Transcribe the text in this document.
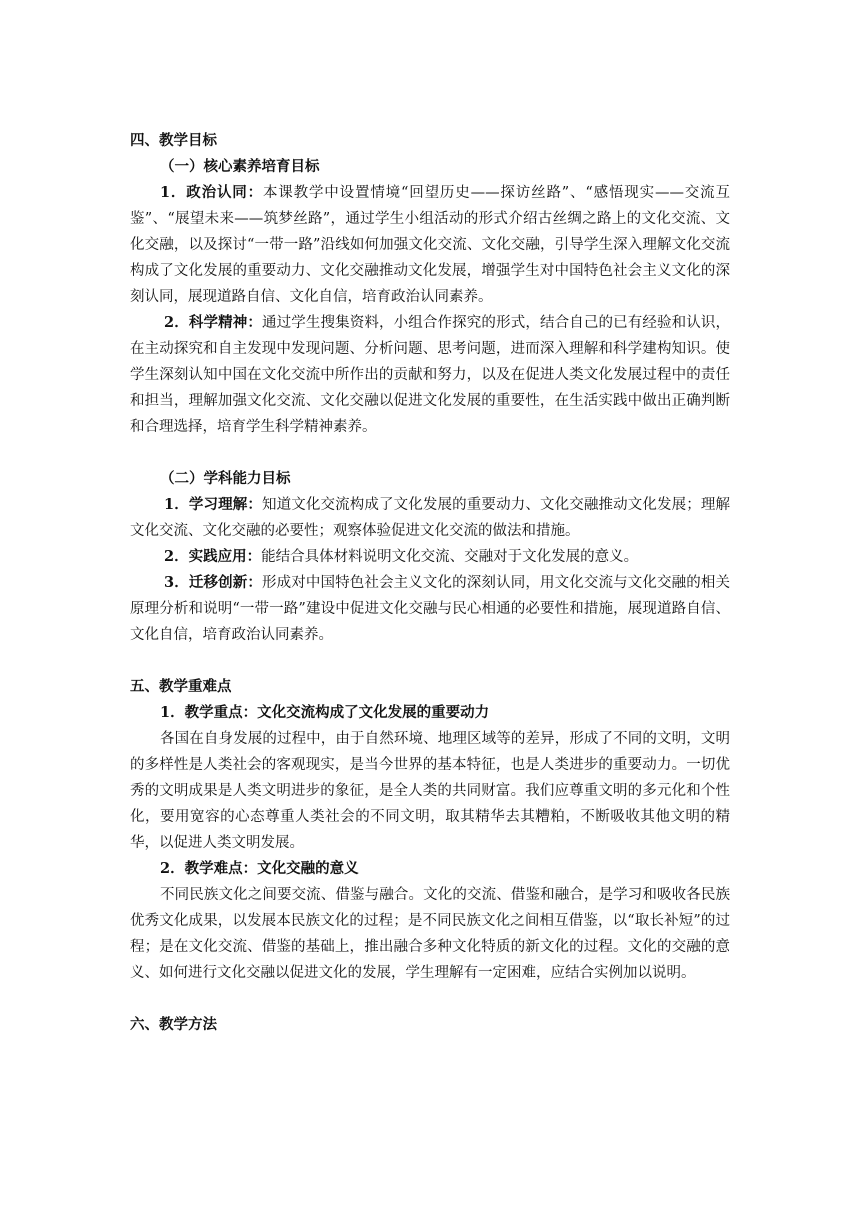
四、教学目标
（一）核心素养培育目标
1．政治认同：本课教学中设置情境“回望历史——探访丝路”、“感悟现实——交流互鉴”、“展望未来——筑梦丝路”，通过学生小组活动的形式介绍古丝绸之路上的文化交流、文化交融，以及探讨“一带一路”沿线如何加强文化交流、文化交融，引导学生深入理解文化交流构成了文化发展的重要动力、文化交融推动文化发展，增强学生对中国特色社会主义文化的深刻认同，展现道路自信、文化自信，培育政治认同素养。
2．科学精神：通过学生搜集资料，小组合作探究的形式，结合自己的已有经验和认识，在主动探究和自主发现中发现问题、分析问题、思考问题，进而深入理解和科学建构知识。使学生深刻认知中国在文化交流中所作出的贡献和努力，以及在促进人类文化发展过程中的责任和担当，理解加强文化交流、文化交融以促进文化发展的重要性，在生活实践中做出正确判断和合理选择，培育学生科学精神素养。
（二）学科能力目标
1．学习理解：知道文化交流构成了文化发展的重要动力、文化交融推动文化发展；理解文化交流、文化交融的必要性；观察体验促进文化交流的做法和措施。
2．实践应用：能结合具体材料说明文化交流、交融对于文化发展的意义。
3．迁移创新：形成对中国特色社会主义文化的深刻认同，用文化交流与文化交融的相关原理分析和说明“一带一路”建设中促进文化交融与民心相通的必要性和措施，展现道路自信、文化自信，培育政治认同素养。
五、教学重难点
1．教学重点：文化交流构成了文化发展的重要动力
各国在自身发展的过程中，由于自然环境、地理区域等的差异，形成了不同的文明，文明的多样性是人类社会的客观现实，是当今世界的基本特征，也是人类进步的重要动力。一切优秀的文明成果是人类文明进步的象征，是全人类的共同财富。我们应尊重文明的多元化和个性化，要用宽容的心态尊重人类社会的不同文明，取其精华去其糟粕，不断吸收其他文明的精华，以促进人类文明发展。
2．教学难点：文化交融的意义
不同民族文化之间要交流、借鉴与融合。文化的交流、借鉴和融合，是学习和吸收各民族优秀文化成果，以发展本民族文化的过程；是不同民族文化之间相互借鉴，以“取长补短”的过程；是在文化交流、借鉴的基础上，推出融合多种文化特质的新文化的过程。文化的交融的意义、如何进行文化交融以促进文化的发展，学生理解有一定困难，应结合实例加以说明。
六、教学方法
